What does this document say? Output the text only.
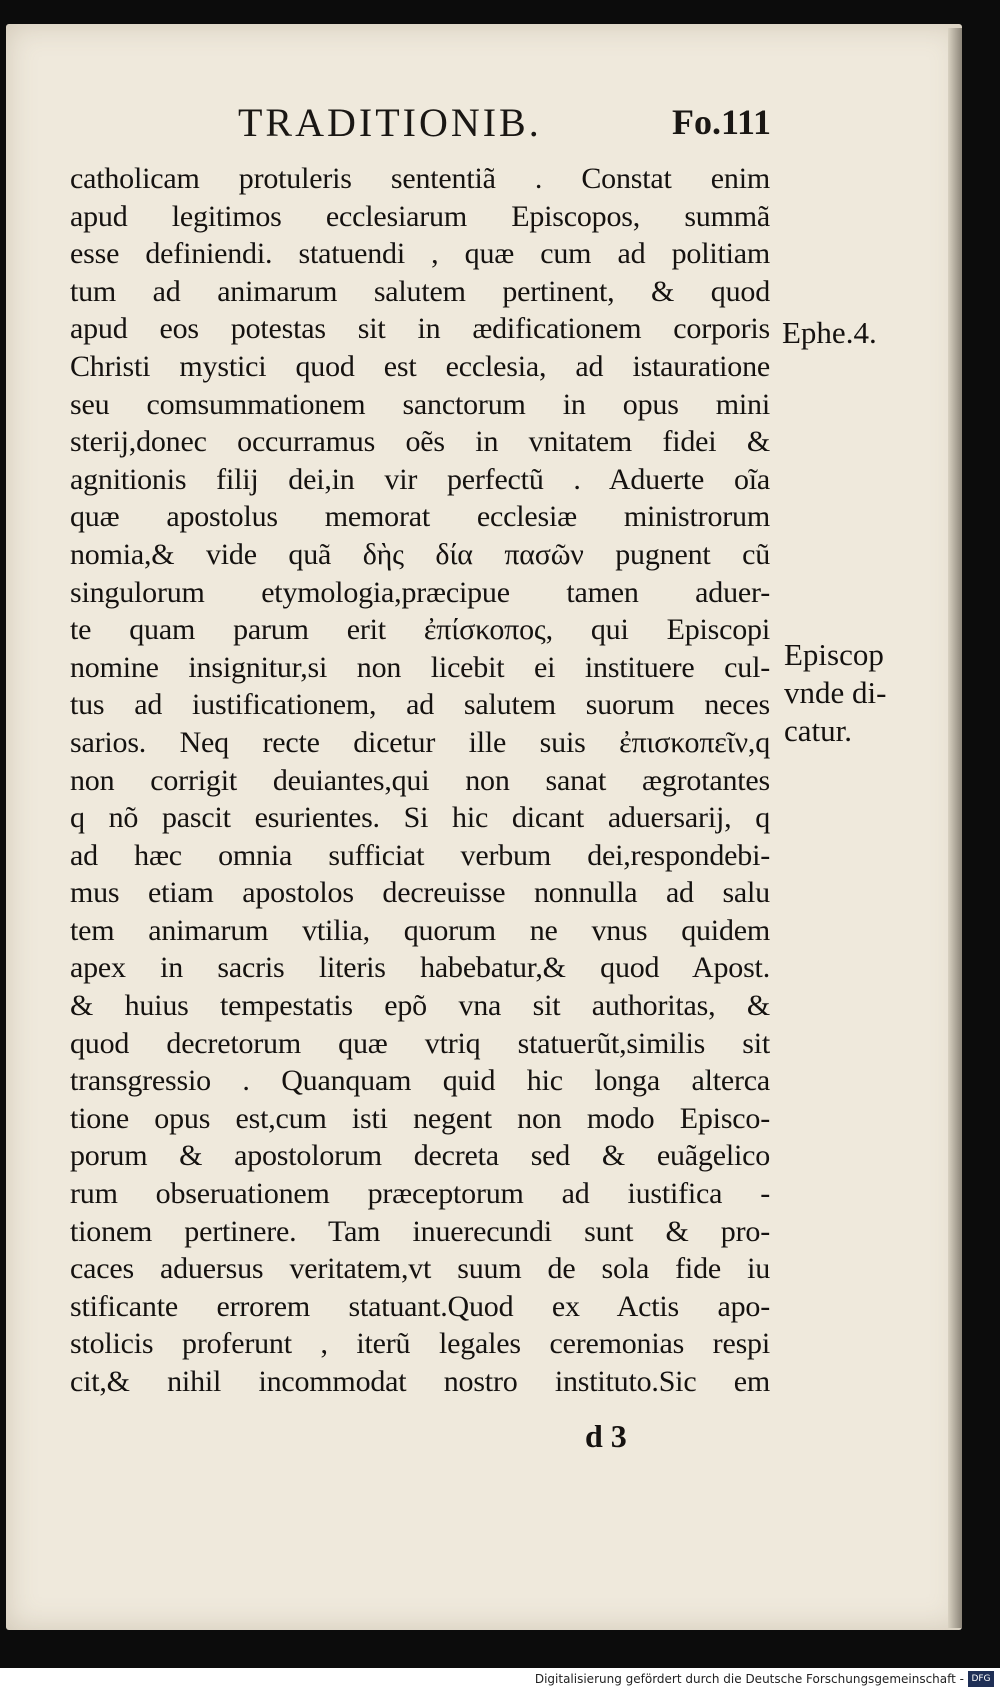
TRADITIONIB.	Fo.111
catholicam protuleris sententiã . Constat enim
apud legitimos ecclesiarum Episcopos, summã
esse definiendi. statuendi , quæ cum ad politiam
tum ad animarum salutem pertinent, & quod
apud eos potestas sit in ædificationem corporis
Christi mystici quod est ecclesia, ad istauratione
seu comsummationem sanctorum in opus mini
sterij,donec occurramus oẽs in vnitatem fidei &
agnitionis filij dei,in vir perfectũ . Aduerte oĩa
quæ apostolus memorat ecclesiæ ministrorum
nomia,& vide quã δὴς δία πασῶν pugnent cũ
singulorum etymologia,præcipue tamen aduer-
te quam parum erit ἐπίσκοπος, qui Episcopi
nomine insignitur,si non licebit ei instituere cul-
tus ad iustificationem, ad salutem suorum neces
sarios. Neq recte dicetur ille suis ἐπισκοπεῖν,q
non corrigit deuiantes,qui non sanat ægrotantes
q nõ pascit esurientes. Si hic dicant aduersarij, q
ad hæc omnia sufficiat verbum dei,respondebi-
mus etiam apostolos decreuisse nonnulla ad salu
tem animarum vtilia, quorum ne vnus quidem
apex in sacris literis habebatur,& quod Apost.
& huius tempestatis epõ vna sit authoritas, &
quod decretorum quæ vtriq statuerũt,similis sit
transgressio . Quanquam quid hic longa alterca
tione opus est,cum isti negent non modo Episco-
porum & apostolorum decreta sed & euãgelico
rum obseruationem præceptorum ad iustifica -
tionem pertinere. Tam inuerecundi sunt & pro-
caces aduersus veritatem,vt suum de sola fide iu
stificante errorem statuant.Quod ex Actis apo-
stolicis proferunt , iterũ legales ceremonias respi
cit,& nihil incommodat nostro instituto.Sic em
Ephe.4.
Episcop
vnde di-
catur.
d 3
Digitalisierung gefördert durch die Deutsche Forschungsgemeinschaft - DFG
